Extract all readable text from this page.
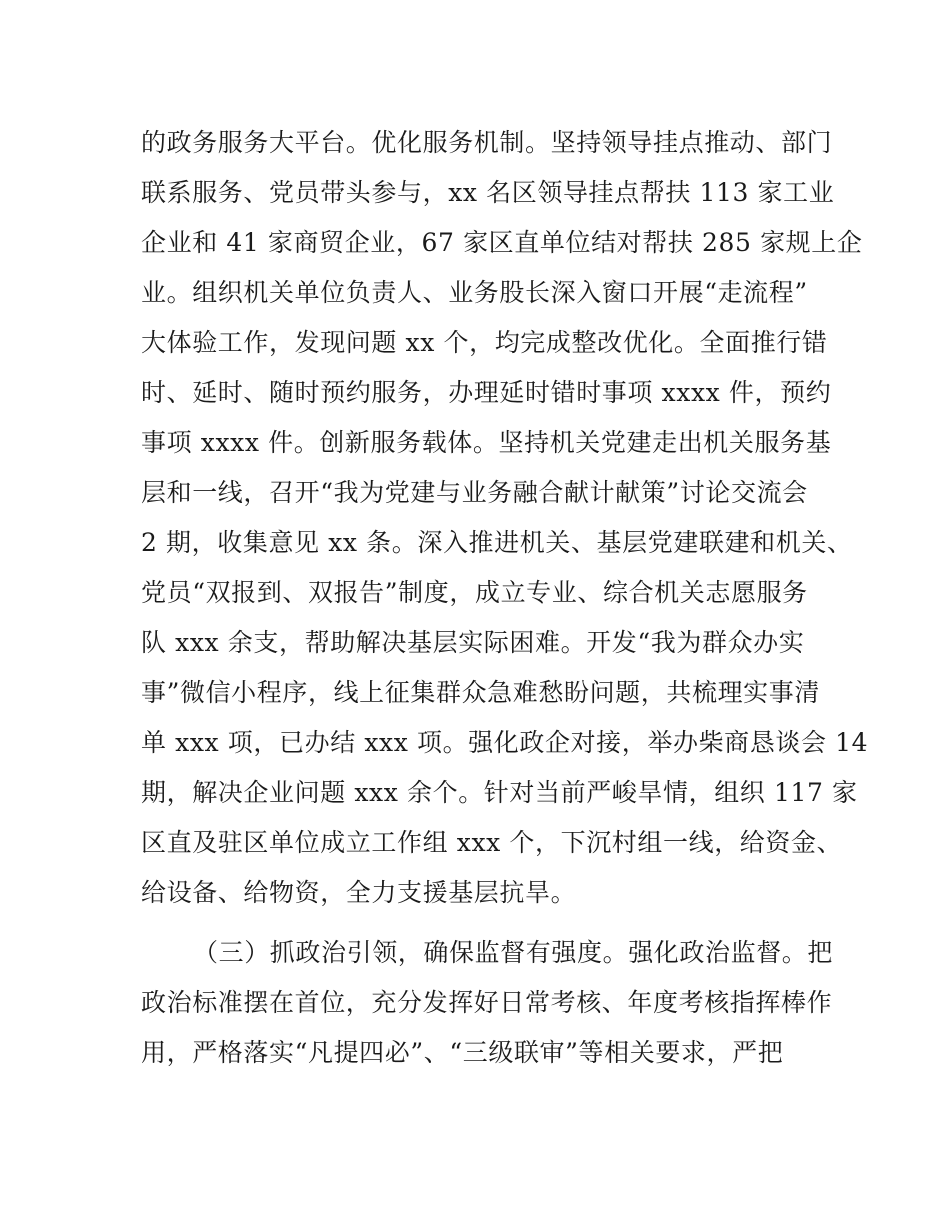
的政务服务大平台。优化服务机制。坚持领导挂点推动、部门
联系服务、党员带头参与，xx 名区领导挂点帮扶 113 家工业
企业和 41 家商贸企业，67 家区直单位结对帮扶 285 家规上企
业。组织机关单位负责人、业务股长深入窗口开展“走流程”
大体验工作，发现问题 xx 个，均完成整改优化。全面推行错
时、延时、随时预约服务，办理延时错时事项 xxxx 件，预约
事项 xxxx 件。创新服务载体。坚持机关党建走出机关服务基
层和一线，召开“我为党建与业务融合献计献策”讨论交流会
2 期，收集意见 xx 条。深入推进机关、基层党建联建和机关、
党员“双报到、双报告”制度，成立专业、综合机关志愿服务
队 xxx 余支，帮助解决基层实际困难。开发“我为群众办实
事”微信小程序，线上征集群众急难愁盼问题，共梳理实事清
单 xxx 项，已办结 xxx 项。强化政企对接，举办柴商恳谈会 14
期，解决企业问题 xxx 余个。针对当前严峻旱情，组织 117 家
区直及驻区单位成立工作组 xxx 个，下沉村组一线，给资金、
给设备、给物资，全力支援基层抗旱。
（三）抓政治引领，确保监督有强度。强化政治监督。把
政治标准摆在首位，充分发挥好日常考核、年度考核指挥棒作
用，严格落实“凡提四必”、“三级联审”等相关要求，严把
